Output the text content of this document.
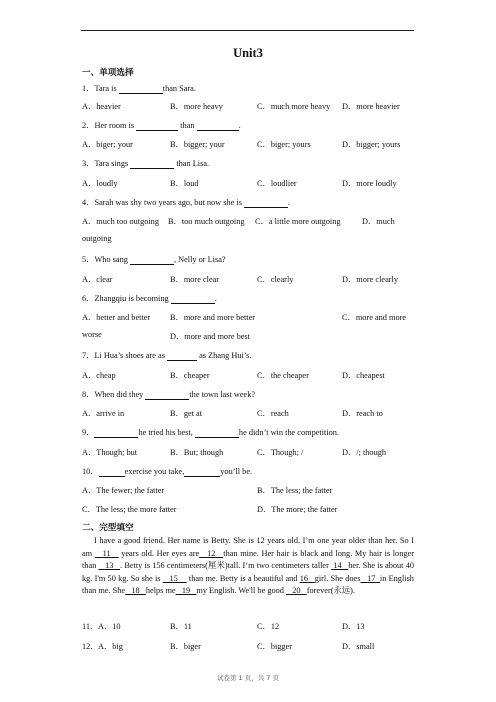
Unit3
一、单项选择
1．Tara is	than Sara.
A．heavier	B．more heavy	C．much more heavy D．more heavier
2．Her room is	than	.
A．biger; your	B．bigger; your	C．biger; yours	D．bigger; yours
3．Tara sings	than Lisa.
A．loudly	B．loud	C．loudlier	D．more loudly
4．Sarah was shy two years ago, but now she is	.
A．much too outgoing B．too much outgoing C．a little more outgoing	D．much
outgoing
5．Who sang	, Nelly or Lisa?
A．clear	B．more clear	C．clearly	D．more clearly
6．Zhangqiu is becoming	.
A．better and better B．more and more better	C．more and more
worse	D．more and more best
7．Li Hua’s shoes are as	as Zhang Hui’s.
A．cheap	B．cheaper	C．the cheaper	D．cheapest
8．When did they	the town last week?
A．arrive in	B．get at	C．reach	D．reach to
9．	he tried his best,	he didn’t win the competition.
A．Though; but	B．But; though	C．Though; /	D．/; though
10．	exercise you take,	you’ll be.
A．The fewer; the fatter	B．The less; the fatter
C．The less; the more fatter	D．The more; the fatter
二、完型填空
I have a good friend. Her name is Betty. She is 12 years old. I’m one year older than her. So I am    11    years old. Her eyes are 12 than mine. Her hair is black and long. My hair is longer than    13 . Betty is 156 centimeters(厘米)tall. I’m two centimeters taller  14 her. She is about 40 kg. I'm 50 kg. So she is    15     than me. Betty is a beautiful and 16 girl. She does 17 in English than me. She 18 helps me 19 my English. We'll be good    20 forever(永远).
11． A．10	B．11	C．12	D．13
12． A．big	B．biger	C．bigger	D．small
试卷第 1 页，共 7 页
